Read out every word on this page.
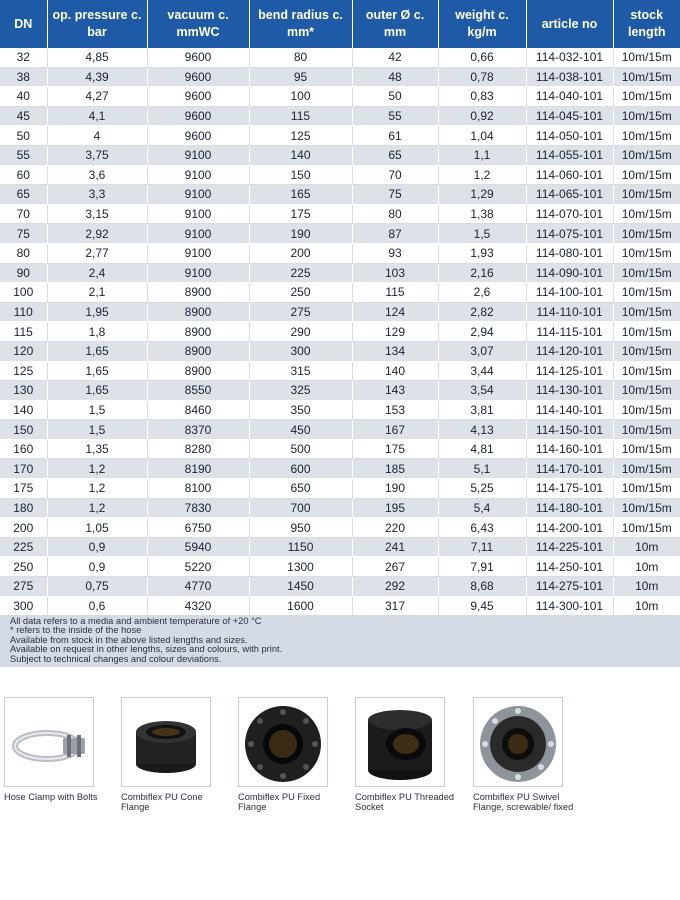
DN	op. pressure c. bar	vacuum c. mmWC	bend radius c. mm*	outer Ø c. mm	weight c. kg/m	article no	stock length
32	4,85	9600	80	42	0,66	114-032-101	10m/15m
38	4,39	9600	95	48	0,78	114-038-101	10m/15m
40	4,27	9600	100	50	0,83	114-040-101	10m/15m
45	4,1	9600	115	55	0,92	114-045-101	10m/15m
50	4	9600	125	61	1,04	114-050-101	10m/15m
55	3,75	9100	140	65	1,1	114-055-101	10m/15m
60	3,6	9100	150	70	1,2	114-060-101	10m/15m
65	3,3	9100	165	75	1,29	114-065-101	10m/15m
70	3,15	9100	175	80	1,38	114-070-101	10m/15m
75	2,92	9100	190	87	1,5	114-075-101	10m/15m
80	2,77	9100	200	93	1,93	114-080-101	10m/15m
90	2,4	9100	225	103	2,16	114-090-101	10m/15m
100	2,1	8900	250	115	2,6	114-100-101	10m/15m
110	1,95	8900	275	124	2,82	114-110-101	10m/15m
115	1,8	8900	290	129	2,94	114-115-101	10m/15m
120	1,65	8900	300	134	3,07	114-120-101	10m/15m
125	1,65	8900	315	140	3,44	114-125-101	10m/15m
130	1,65	8550	325	143	3,54	114-130-101	10m/15m
140	1,5	8460	350	153	3,81	114-140-101	10m/15m
150	1,5	8370	450	167	4,13	114-150-101	10m/15m
160	1,35	8280	500	175	4,81	114-160-101	10m/15m
170	1,2	8190	600	185	5,1	114-170-101	10m/15m
175	1,2	8100	650	190	5,25	114-175-101	10m/15m
180	1,2	7830	700	195	5,4	114-180-101	10m/15m
200	1,05	6750	950	220	6,43	114-200-101	10m/15m
225	0,9	5940	1150	241	7,11	114-225-101	10m
250	0,9	5220	1300	267	7,91	114-250-101	10m
275	0,75	4770	1450	292	8,68	114-275-101	10m
300	0,6	4320	1600	317	9,45	114-300-101	10m
All data refers to a media and ambient temperature of +20 °C
* refers to the inside of the hose
Available from stock in the above listed lengths and sizes.
Available on request in other lengths, sizes and colours, with print.
Subject to technical changes and colour deviations.
Hose Clamp with Bolts	Combiflex PU Cone Flange
Combiflex PU Fixed Flange
Combiflex PU Threaded Socket
Combiflex PU Swivel Flange, screwable/ fixed
